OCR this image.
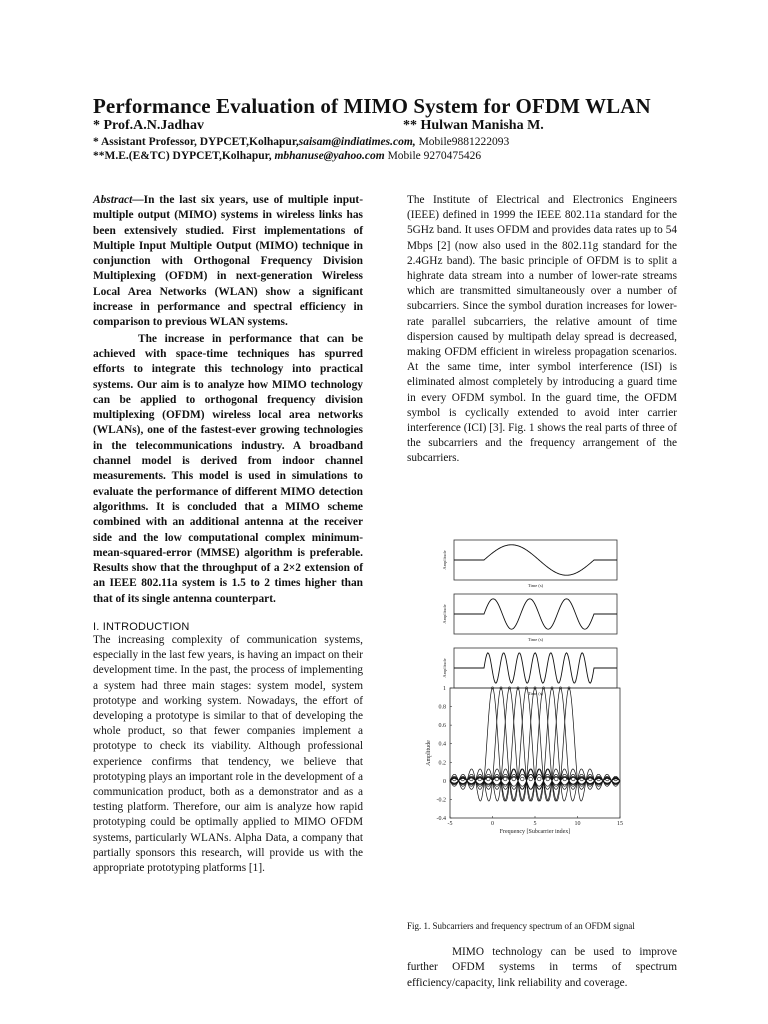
Performance Evaluation of MIMO System for OFDM WLAN
* Prof.A.N.Jadhav	** Hulwan Manisha M.
* Assistant Professor, DYPCET,Kolhapur,saisam@indiatimes.com, Mobile9881222093
**M.E.(E&TC) DYPCET,Kolhapur, mbhanuse@yahoo.com Mobile 9270475426

Abstract—In the last six years, use of multiple input-multiple output (MIMO) systems in wireless links has been extensively studied. First implementations of Multiple Input Multiple Output (MIMO) technique in conjunction with Orthogonal Frequency Division Multiplexing (OFDM) in next-generation Wireless Local Area Networks (WLAN) show a significant increase in performance and spectral efficiency in comparison to previous WLAN systems.

The increase in performance that can be achieved with space-time techniques has spurred efforts to integrate this technology into practical systems. Our aim is to analyze how MIMO technology can be applied to orthogonal frequency division multiplexing (OFDM) wireless local area networks (WLANs), one of the fastest-ever growing technologies in the telecommunications industry. A broadband channel model is derived from indoor channel measurements. This model is used in simulations to evaluate the performance of different MIMO detection algorithms. It is concluded that a MIMO scheme combined with an additional antenna at the receiver side and the low computational complex minimum-mean-squared-error (MMSE) algorithm is preferable. Results show that the throughput of a 2×2 extension of an IEEE 802.11a system is 1.5 to 2 times higher than that of its single antenna counterpart.

I. INTRODUCTION

The increasing complexity of communication systems, especially in the last few years, is having an impact on their development time. In the past, the process of implementing a system had three main stages: system model, system prototype and working system. Nowadays, the effort of developing a prototype is similar to that of developing the whole product, so that fewer companies implement a prototype to check its viability. Although professional experience confirms that tendency, we believe that prototyping plays an important role in the development of a communication product, both as a demonstrator and as a testing platform. Therefore, our aim is analyze how rapid prototyping could be optimally applied to MIMO OFDM systems, particularly WLANs. Alpha Data, a company that partially sponsors this research, will provide us with the appropriate prototyping platforms [1].

The Institute of Electrical and Electronics Engineers (IEEE) defined in 1999 the IEEE 802.11a standard for the 5GHz band. It uses OFDM and provides data rates up to 54 Mbps [2] (now also used in the 802.11g standard for the 2.4GHz band). The basic principle of OFDM is to split a highrate data stream into a number of lower-rate streams which are transmitted simultaneously over a number of subcarriers. Since the symbol duration increases for lower-rate parallel subcarriers, the relative amount of time dispersion caused by multipath delay spread is decreased, making OFDM efficient in wireless propagation scenarios. At the same time, inter symbol interference (ISI) is eliminated almost completely by introducing a guard time in every OFDM symbol. In the guard time, the OFDM symbol is cyclically extended to avoid inter carrier interference (ICI) [3]. Fig. 1 shows the real parts of three of the subcarriers and the frequency arrangement of the subcarriers.

Amplitude
Time (s)
Amplitude
Time (s)
Amplitude
Time (s)
1
0.8
0.6
0.4
0.2
0
-0.2
-0.4
-5	0	5	10	15
Amplitude
Frequency [Subcarrier index]
Fig. 1. Subcarriers and frequency spectrum of an OFDM signal

MIMO technology can be used to improve further OFDM systems in terms of spectrum efficiency/capacity, link reliability and coverage.
